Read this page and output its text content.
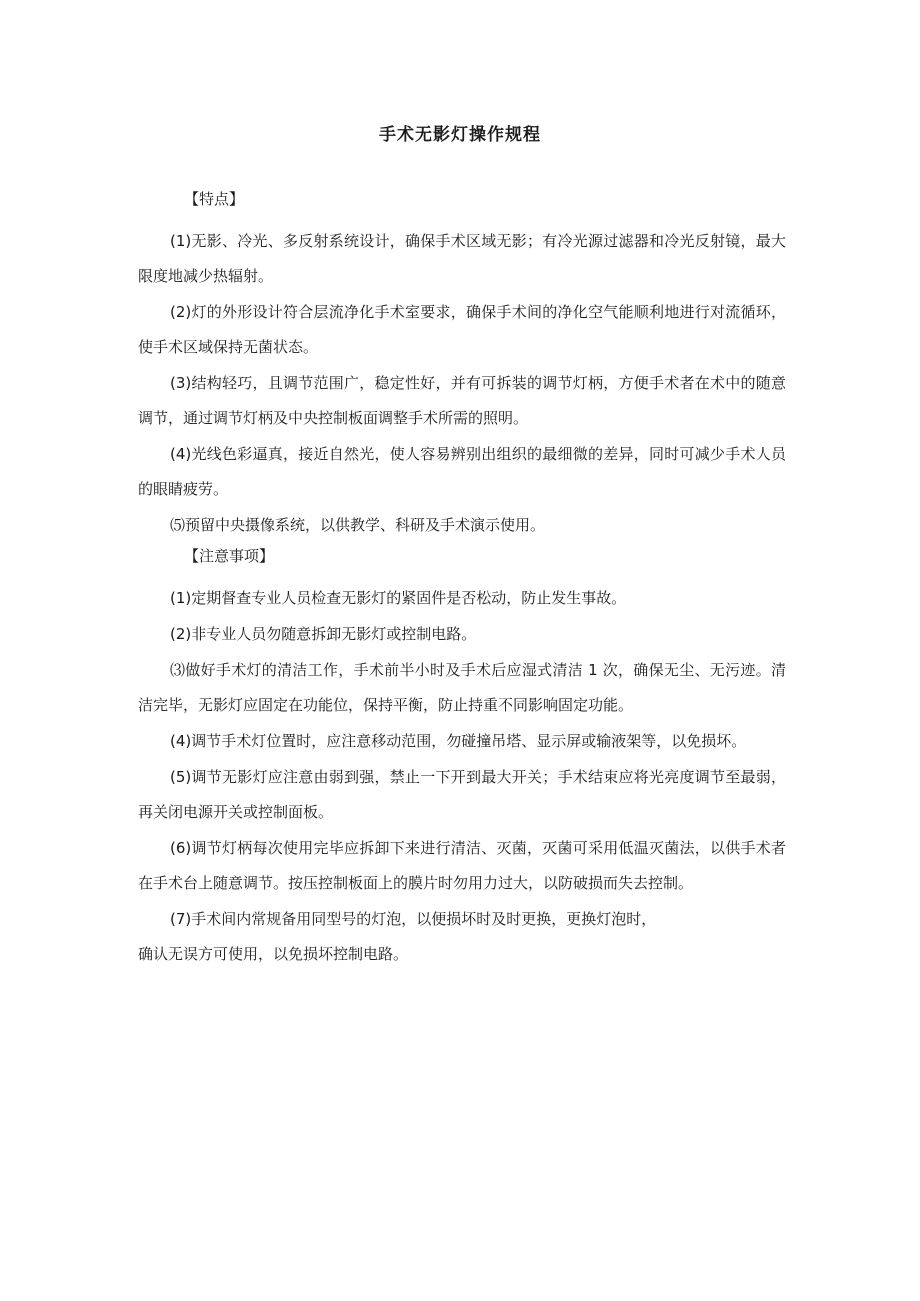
手术无影灯操作规程
【特点】

(1)无影、冷光、多反射系统设计，确保手术区域无影；有冷光源过滤器和冷光反射镜，最大限度地减少热辐射。

(2)灯的外形设计符合层流净化手术室要求，确保手术间的净化空气能顺利地进行对流循环，使手术区域保持无菌状态。

(3)结构轻巧，且调节范围广，稳定性好，并有可拆装的调节灯柄，方便手术者在术中的随意调节，通过调节灯柄及中央控制板面调整手术所需的照明。

(4)光线色彩逼真，接近自然光，使人容易辨别出组织的最细微的差异，同时可减少手术人员的眼睛疲劳。

⑸预留中央摄像系统，以供教学、科研及手术演示使用。

【注意事项】

(1)定期督查专业人员检查无影灯的紧固件是否松动，防止发生事故。

(2)非专业人员勿随意拆卸无影灯或控制电路。

⑶做好手术灯的清洁工作，手术前半小时及手术后应湿式清洁 1 次，确保无尘、无污迹。清洁完毕，无影灯应固定在功能位，保持平衡，防止持重不同影响固定功能。

(4)调节手术灯位置时，应注意移动范围，勿碰撞吊塔、显示屏或输液架等，以免损坏。

(5)调节无影灯应注意由弱到强，禁止一下开到最大开关；手术结束应将光亮度调节至最弱，再关闭电源开关或控制面板。

(6)调节灯柄每次使用完毕应拆卸下来进行清洁、灭菌，灭菌可采用低温灭菌法，以供手术者在手术台上随意调节。按压控制板面上的膜片时勿用力过大，以防破损而失去控制。

(7)手术间内常规备用同型号的灯泡，以便损坏时及时更换，更换灯泡时，

确认无误方可使用，以免损坏控制电路。
